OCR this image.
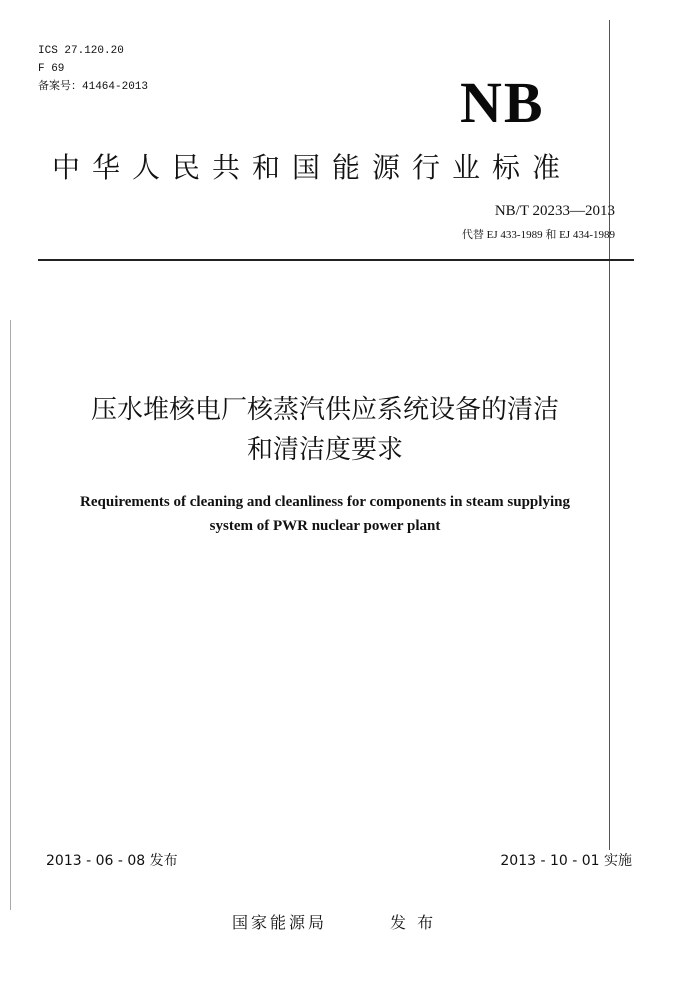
ICS 27.120.20
F 69
备案号：41464-2013	NB
中华人民共和国能源行业标准
NB/T 20233—2013
代替 EJ 433-1989 和 EJ 434-1989
压水堆核电厂核蒸汽供应系统设备的清洁
和清洁度要求
Requirements of cleaning and cleanliness for components in steam supplying
system of PWR nuclear power plant
2013 - 06 - 08 发布	2013 - 10 - 01 实施
国家能源局	发 布
